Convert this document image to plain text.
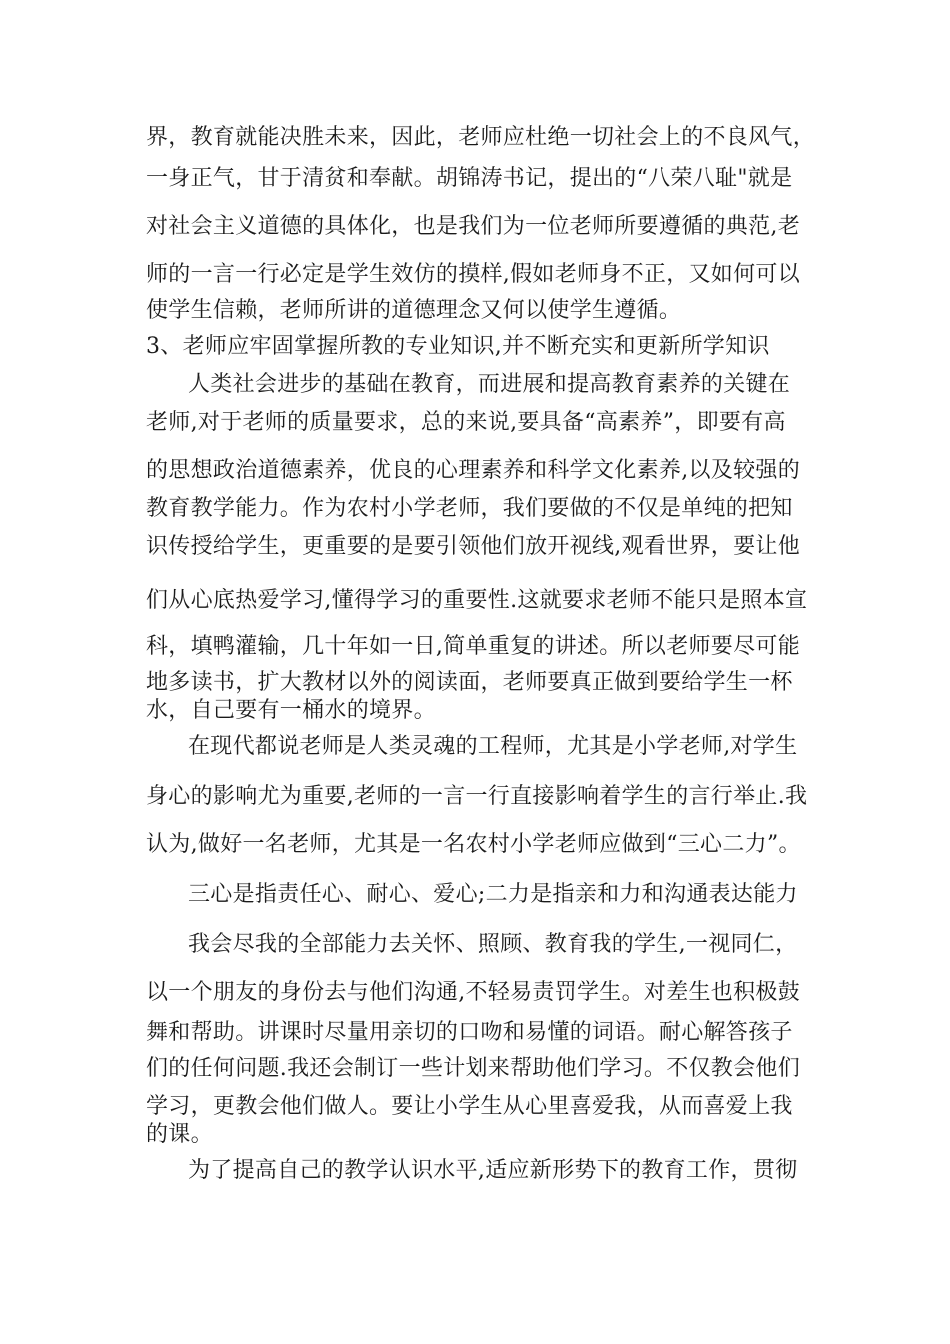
界，教育就能决胜未来，因此，老师应杜绝一切社会上的不良风气，
一身正气，甘于清贫和奉献。胡锦涛书记，提出的“八荣八耻"就是
对社会主义道德的具体化，也是我们为一位老师所要遵循的典范,老
师的一言一行必定是学生效仿的摸样,假如老师身不正，又如何可以
使学生信赖，老师所讲的道德理念又何以使学生遵循。
3、老师应牢固掌握所教的专业知识,并不断充实和更新所学知识
人类社会进步的基础在教育，而进展和提高教育素养的关键在
老师,对于老师的质量要求，总的来说,要具备“高素养”，即要有高
的思想政治道德素养，优良的心理素养和科学文化素养,以及较强的
教育教学能力。作为农村小学老师，我们要做的不仅是单纯的把知
识传授给学生，更重要的是要引领他们放开视线,观看世界，要让他
们从心底热爱学习,懂得学习的重要性.这就要求老师不能只是照本宣
科，填鸭灌输，几十年如一日,简单重复的讲述。所以老师要尽可能
地多读书，扩大教材以外的阅读面，老师要真正做到要给学生一杯
水，自己要有一桶水的境界。
在现代都说老师是人类灵魂的工程师，尤其是小学老师,对学生
身心的影响尤为重要,老师的一言一行直接影响着学生的言行举止.我
认为,做好一名老师，尤其是一名农村小学老师应做到“三心二力”。
三心是指责任心、耐心、爱心;二力是指亲和力和沟通表达能力
我会尽我的全部能力去关怀、照顾、教育我的学生,一视同仁，
以一个朋友的身份去与他们沟通,不轻易责罚学生。对差生也积极鼓
舞和帮助。讲课时尽量用亲切的口吻和易懂的词语。耐心解答孩子
们的任何问题.我还会制订一些计划来帮助他们学习。不仅教会他们
学习，更教会他们做人。要让小学生从心里喜爱我，从而喜爱上我
的课。
为了提高自己的教学认识水平,适应新形势下的教育工作，贯彻
